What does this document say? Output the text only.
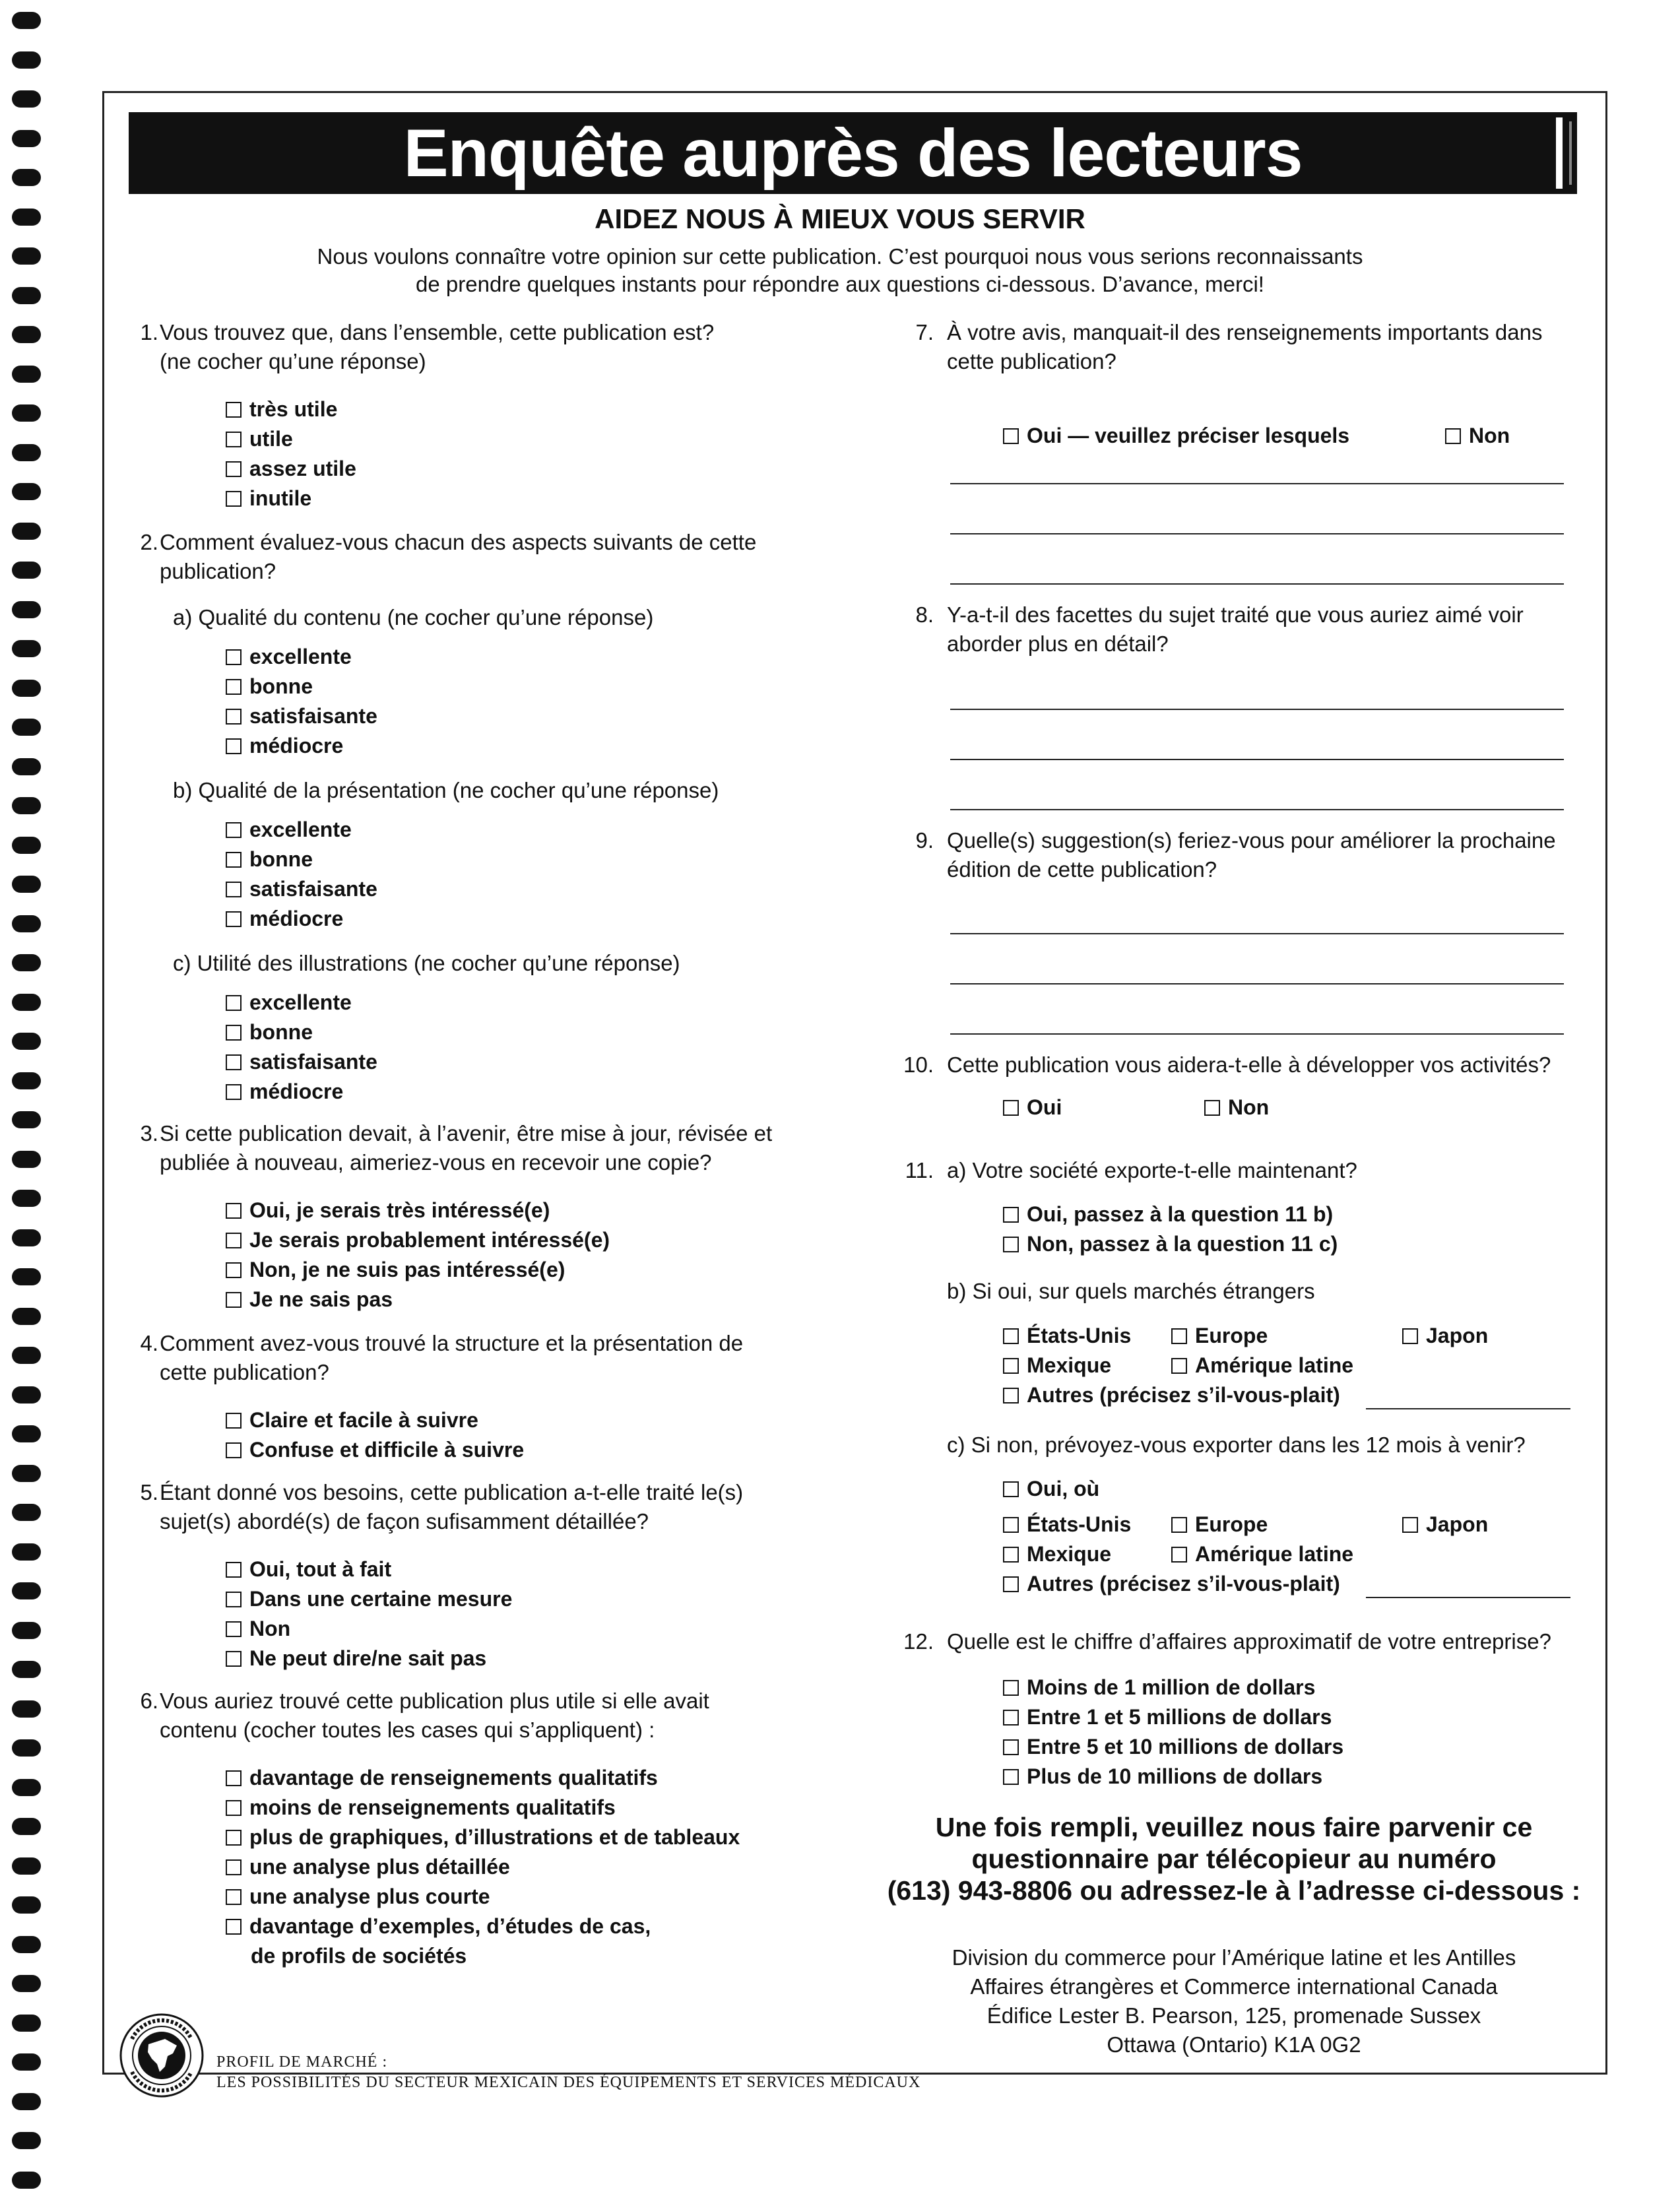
Enquête auprès des lecteurs
AIDEZ NOUS À MIEUX VOUS SERVIR
Nous voulons connaître votre opinion sur cette publication. C’est pourquoi nous vous serions reconnaissants
de prendre quelques instants pour répondre aux questions ci-dessous. D’avance, merci!
1. Vous trouvez que, dans l’ensemble, cette publication est?
(ne cocher qu’une réponse)
très utile
utile
assez utile
inutile
2. Comment évaluez-vous chacun des aspects suivants de cette
publication?
a) Qualité du contenu (ne cocher qu’une réponse)
excellente
bonne
satisfaisante
médiocre
b) Qualité de la présentation (ne cocher qu’une réponse)
excellente
bonne
satisfaisante
médiocre
c) Utilité des illustrations (ne cocher qu’une réponse)
excellente
bonne
satisfaisante
médiocre
3. Si cette publication devait, à l’avenir, être mise à jour, révisée et
publiée à nouveau, aimeriez-vous en recevoir une copie?
Oui, je serais très intéressé(e)
Je serais probablement intéressé(e)
Non, je ne suis pas intéressé(e)
Je ne sais pas
4. Comment avez-vous trouvé la structure et la présentation de
cette publication?
Claire et facile à suivre
Confuse et difficile à suivre
5. Étant donné vos besoins, cette publication a-t-elle traité le(s)
sujet(s) abordé(s) de façon sufisamment détaillée?
Oui, tout à fait
Dans une certaine mesure
Non
Ne peut dire/ne sait pas
6. Vous auriez trouvé cette publication plus utile si elle avait
contenu (cocher toutes les cases qui s’appliquent) :
davantage de renseignements qualitatifs
moins de renseignements qualitatifs
plus de graphiques, d’illustrations et de tableaux
une analyse plus détaillée
une analyse plus courte
davantage d’exemples, d’études de cas,
de profils de sociétés
7. À votre avis, manquait-il des renseignements importants dans
cette publication?
Oui — veuillez préciser lesquels	Non
8. Y-a-t-il des facettes du sujet traité que vous auriez aimé voir
aborder plus en détail?
9. Quelle(s) suggestion(s) feriez-vous pour améliorer la prochaine
édition de cette publication?
10. Cette publication vous aidera-t-elle à développer vos activités?
Oui	Non
11. a) Votre société exporte-t-elle maintenant?
Oui, passez à la question 11 b)
Non, passez à la question 11 c)
b) Si oui, sur quels marchés étrangers
États-Unis	Europe	Japon
Mexique	Amérique latine
Autres (précisez s’il-vous-plait)
c) Si non, prévoyez-vous exporter dans les 12 mois à venir?
Oui, où
États-Unis	Europe	Japon
Mexique	Amérique latine
Autres (précisez s’il-vous-plait)
12. Quelle est le chiffre d’affaires approximatif de votre entreprise?
Moins de 1 million de dollars
Entre 1 et 5 millions de dollars
Entre 5 et 10 millions de dollars
Plus de 10 millions de dollars
Une fois rempli, veuillez nous faire parvenir ce
questionnaire par télécopieur au numéro
(613) 943-8806 ou adressez-le à l’adresse ci-dessous :
Division du commerce pour l’Amérique latine et les Antilles
Affaires étrangères et Commerce international Canada
Édifice Lester B. Pearson, 125, promenade Sussex
Ottawa (Ontario) K1A 0G2
PROFIL DE MARCHÉ :
LES POSSIBILITÉS DU SECTEUR MEXICAIN DES ÉQUIPEMENTS ET SERVICES MÉDICAUX
